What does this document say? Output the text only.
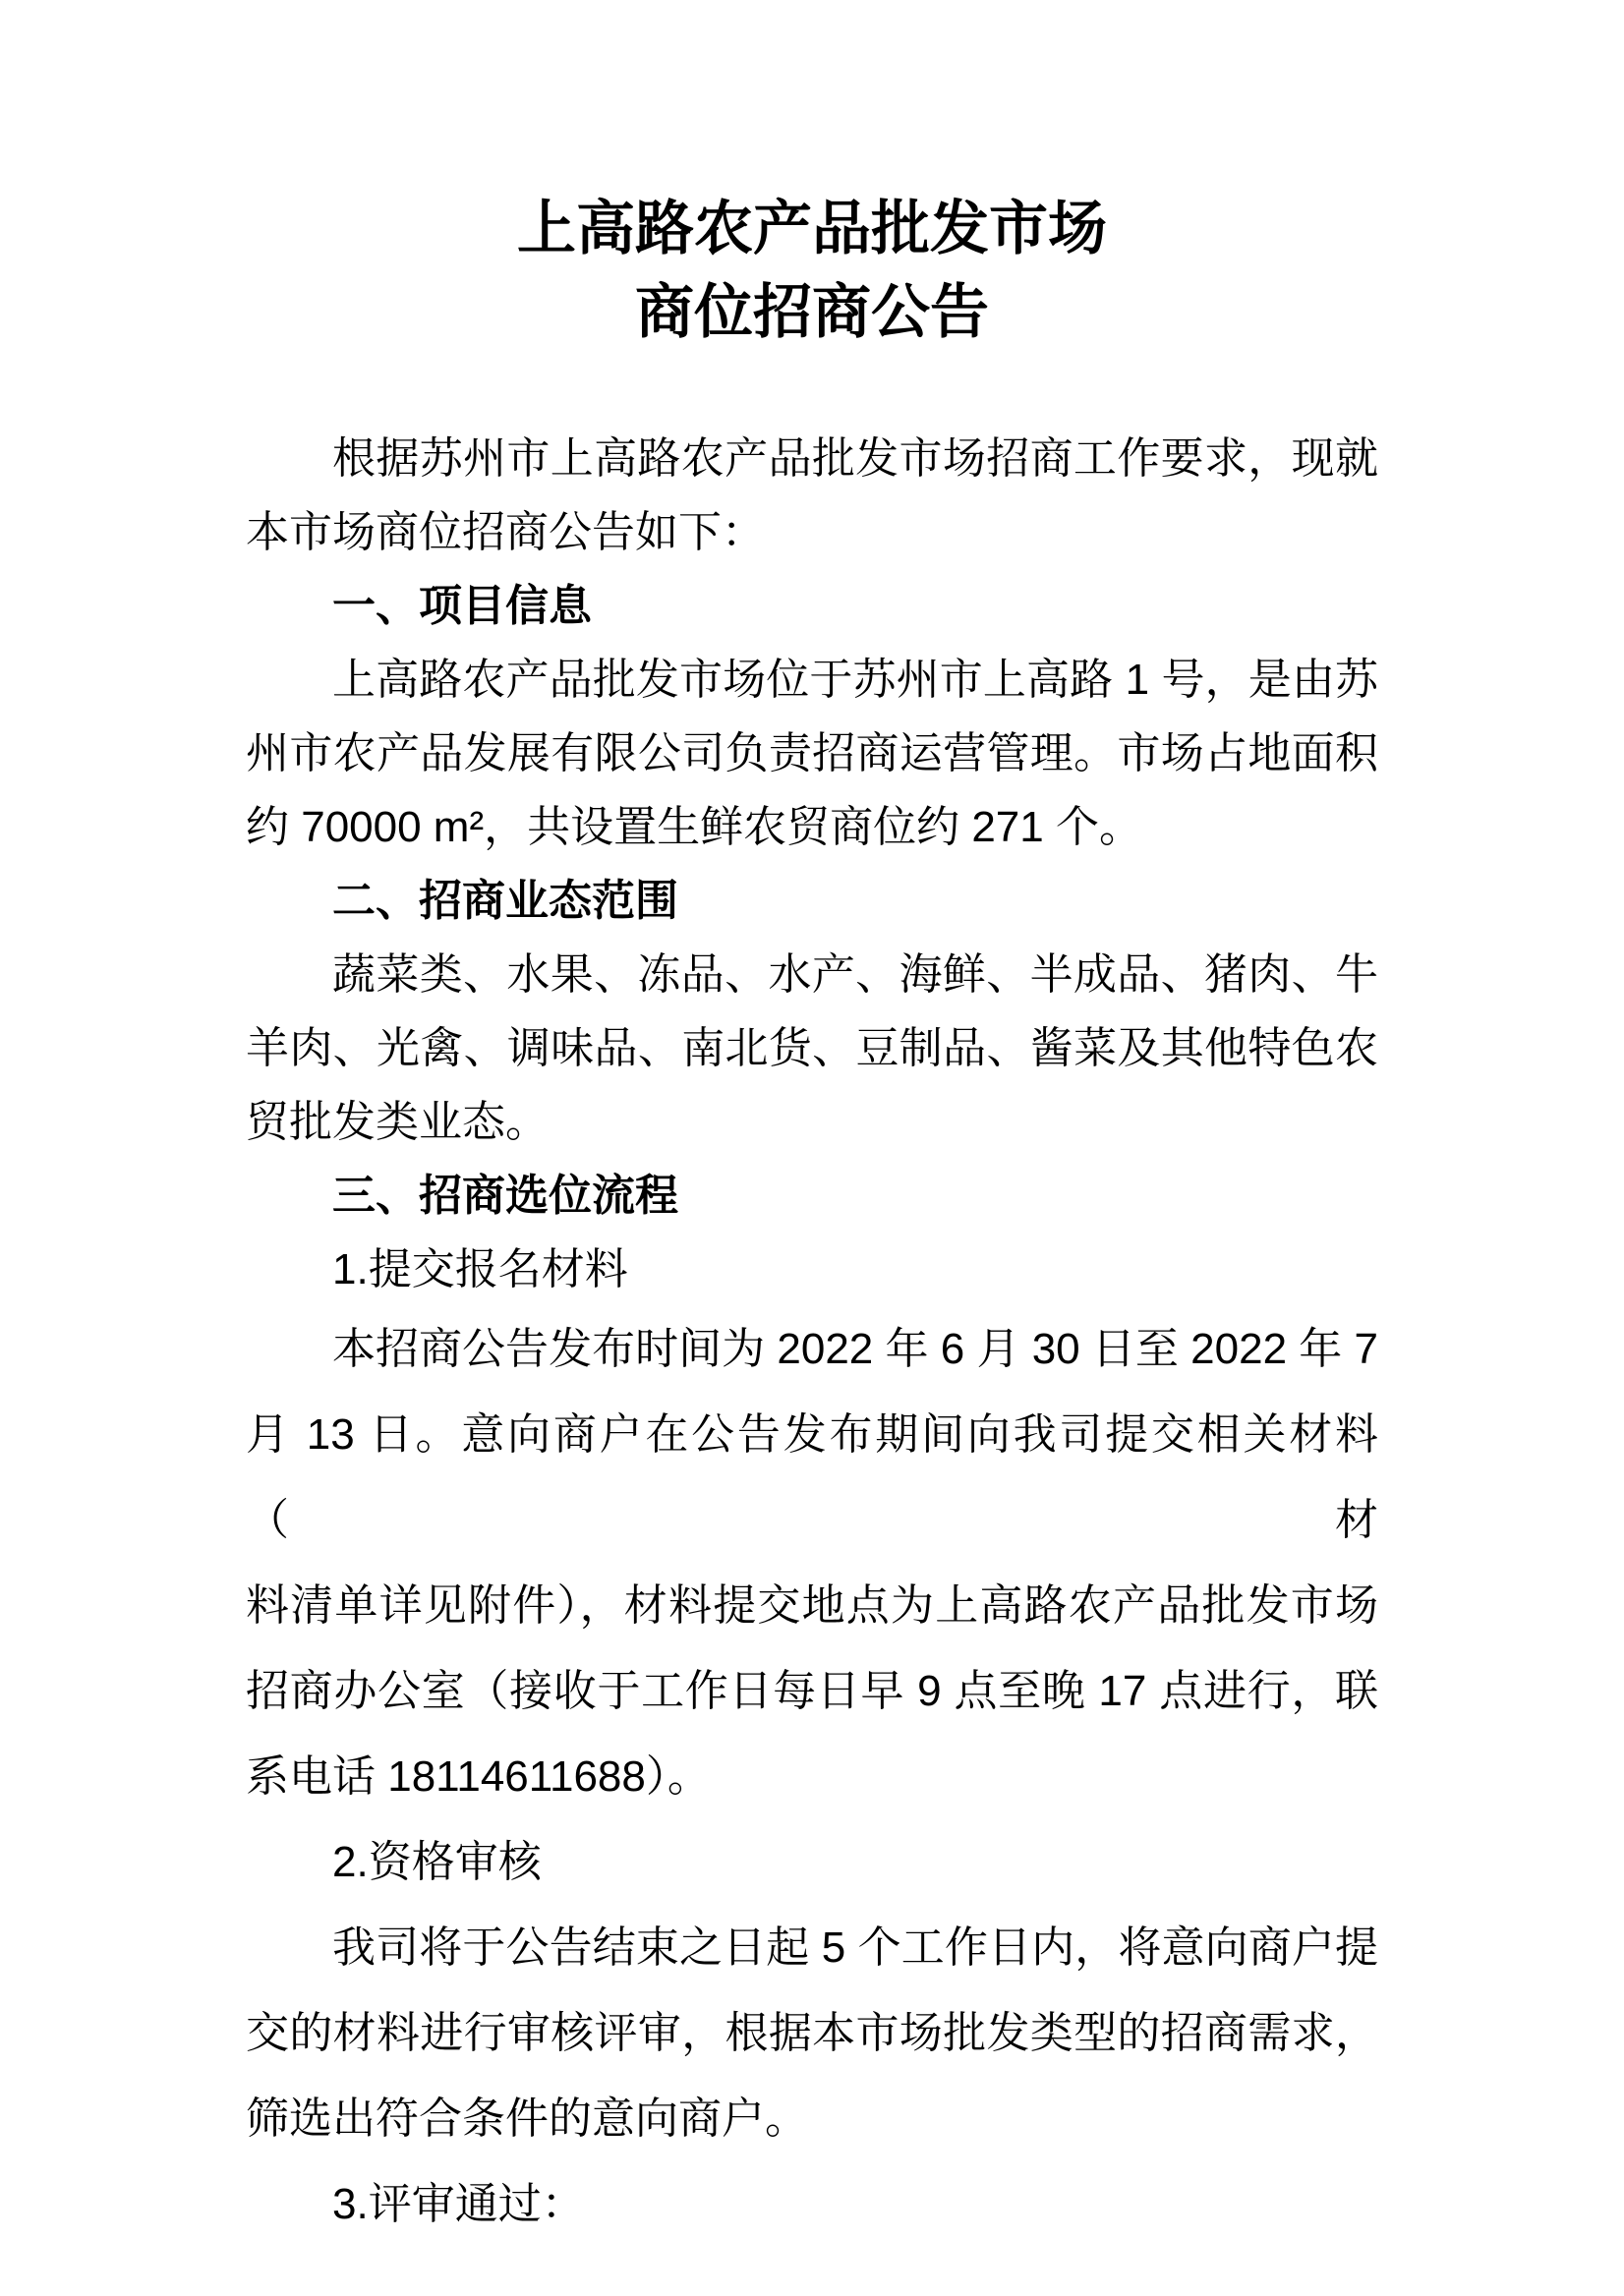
上高路农产品批发市场
商位招商公告
根据苏州市上高路农产品批发市场招商工作要求，现就
本市场商位招商公告如下：
一、项目信息
上高路农产品批发市场位于苏州市上高路 1 号，是由苏
州市农产品发展有限公司负责招商运营管理。市场占地面积
约 70000 m²，共设置生鲜农贸商位约 271 个。
二、招商业态范围
蔬菜类、水果、冻品、水产、海鲜、半成品、猪肉、牛
羊肉、光禽、调味品、南北货、豆制品、酱菜及其他特色农
贸批发类业态。
三、招商选位流程
1.提交报名材料
本招商公告发布时间为 2022 年 6 月 30 日至 2022 年 7
月 13 日。意向商户在公告发布期间向我司提交相关材料（材
料清单详见附件），材料提交地点为上高路农产品批发市场
招商办公室（接收于工作日每日早 9 点至晚 17 点进行，联
系电话 18114611688）。
2.资格审核
我司将于公告结束之日起 5 个工作日内，将意向商户提
交的材料进行审核评审，根据本市场批发类型的招商需求，
筛选出符合条件的意向商户。
3.评审通过：
